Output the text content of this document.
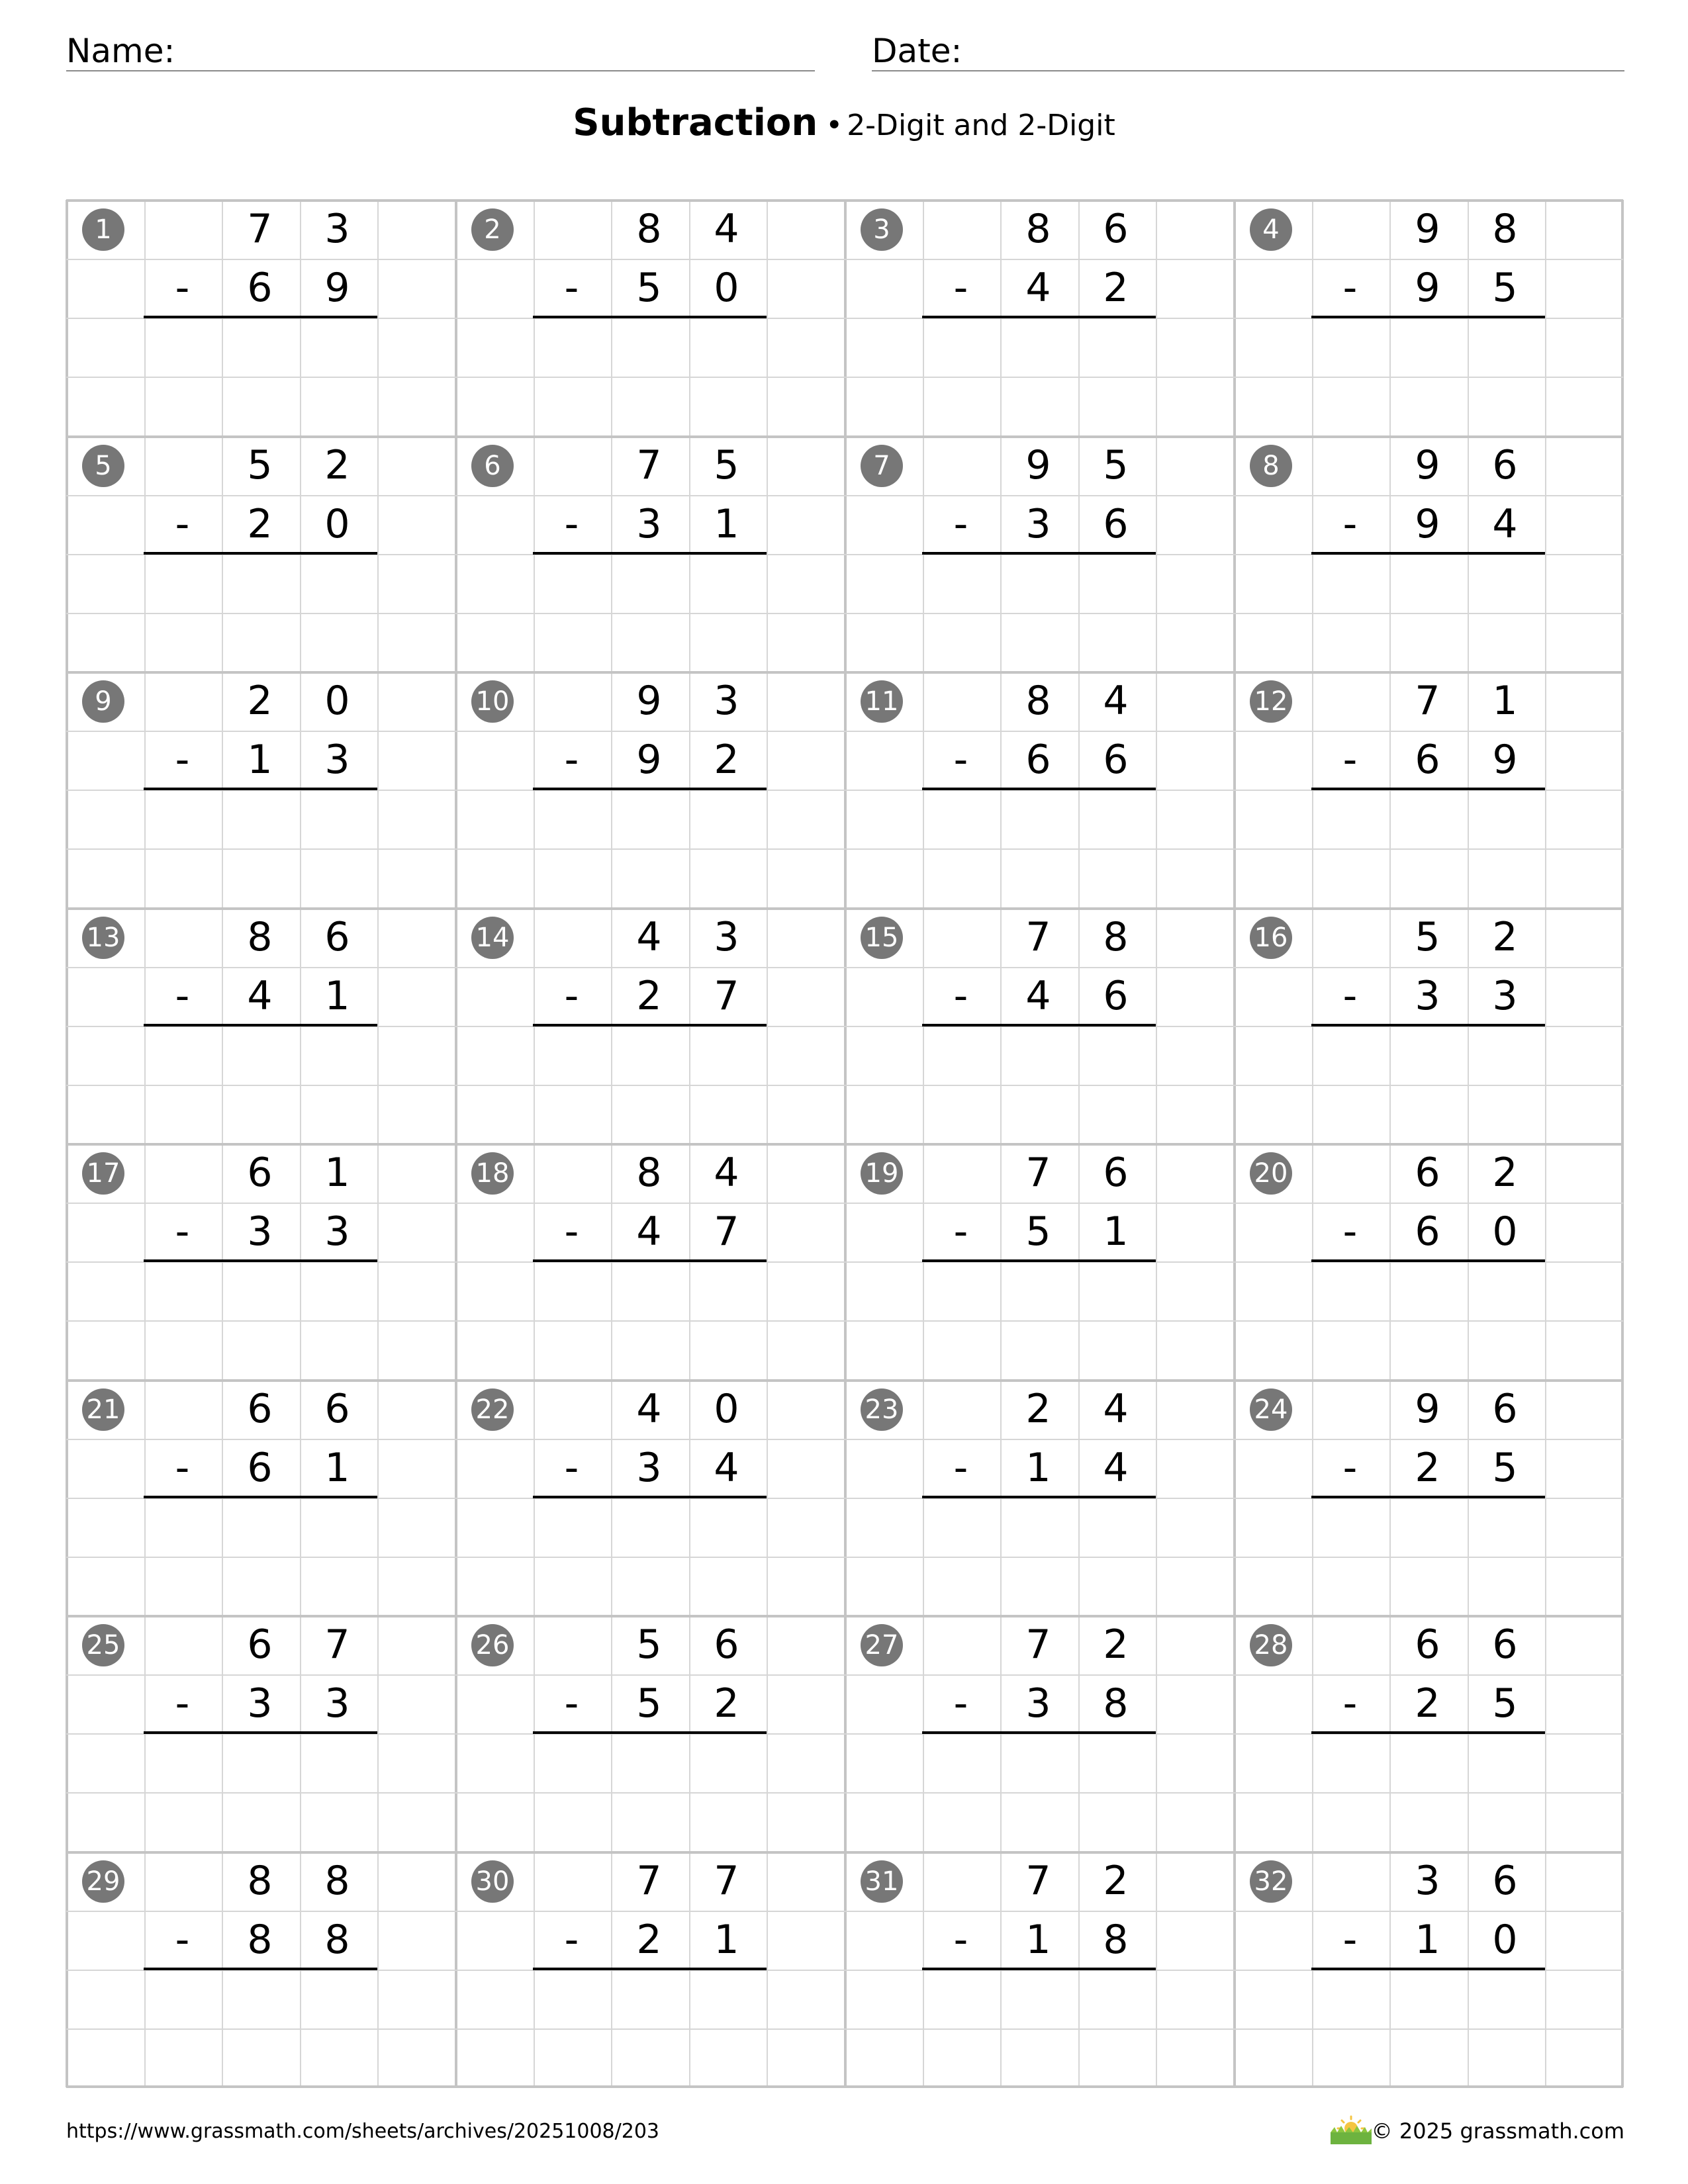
Name:	Date:
Subtraction • 2-Digit and 2-Digit
1	7	3
-	6	9
2	8	4
-	5	0
3	8	6
-	4	2
4	9	8
-	9	5
5	5	2
-	2	0
6	7	5
-	3	1
7	9	5
-	3	6
8	9	6
-	9	4
9	2	0
-	1	3
10	9	3
-	9	2
11	8	4
-	6	6
12	7	1
-	6	9
13	8	6
-	4	1
14	4	3
-	2	7
15	7	8
-	4	6
16	5	2
-	3	3
17	6	1
-	3	3
18	8	4
-	4	7
19	7	6
-	5	1
20	6	2
-	6	0
21	6	6
-	6	1
22	4	0
-	3	4
23	2	4
-	1	4
24	9	6
-	2	5
25	6	7
-	3	3
26	5	6
-	5	2
27	7	2
-	3	8
28	6	6
-	2	5
29	8	8
-	8	8
30	7	7
-	2	1
31	7	2
-	1	8
32	3	6
-	1	0
https://www.grassmath.com/sheets/archives/20251008/203	© 2025 grassmath.com
